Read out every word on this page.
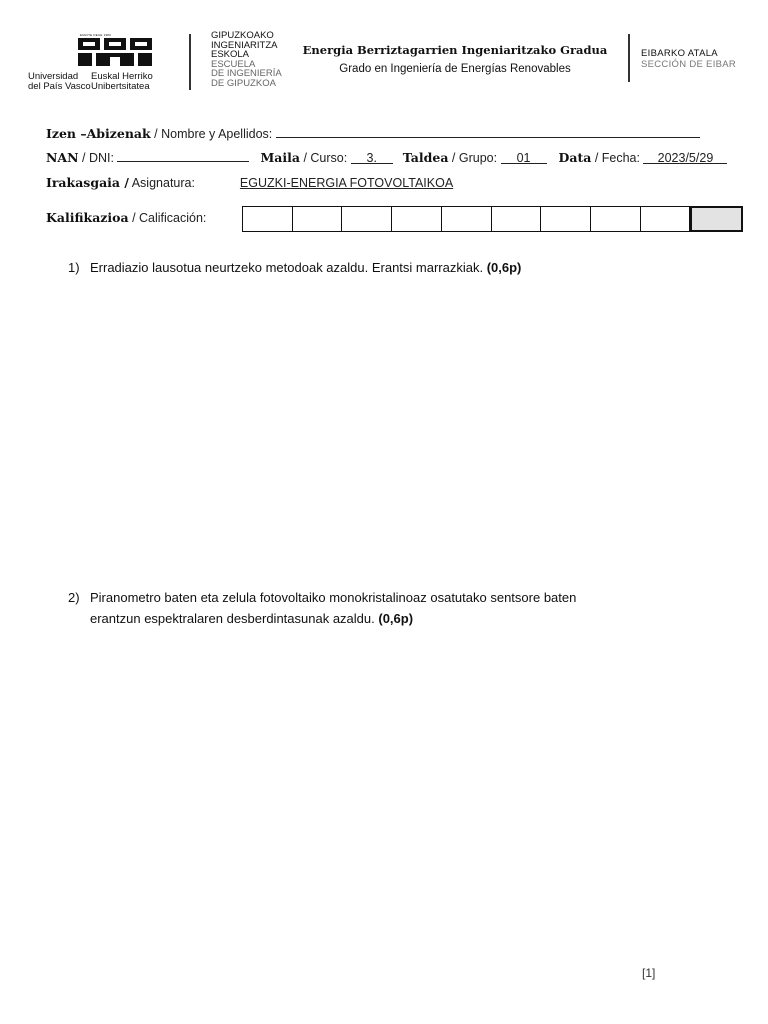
EMAITE DEUE 1980
Universidad
del País Vasco
Euskal Herriko
Unibertsitatea
GIPUZKOAKO
INGENIARITZA
ESKOLA
ESCUELA
DE INGENIERÍA
DE GIPUZKOA
Energia Berriztagarrien Ingeniaritzako Gradua
Grado en Ingeniería de Energías Renovables
EIBARKO ATALA
SECCIÓN DE EIBAR
Izen –Abizenak / Nombre y Apellidos:
NAN / DNI:	Maila / Curso: 3. Taldea / Grupo: 01 Data / Fecha: 2023/5/29
Irakasgaia / Asignatura:	EGUZKI-ENERGIA FOTOVOLTAIKOA
Kalifikazioa / Calificación:
1) Erradiazio lausotua neurtzeko metodoak azaldu. Erantsi marrazkiak. (0,6p)
2) Piranometro baten eta zelula fotovoltaiko monokristalinoaz osatutako sentsore baten
erantzun espektralaren desberdintasunak azaldu. (0,6p)
[1]
